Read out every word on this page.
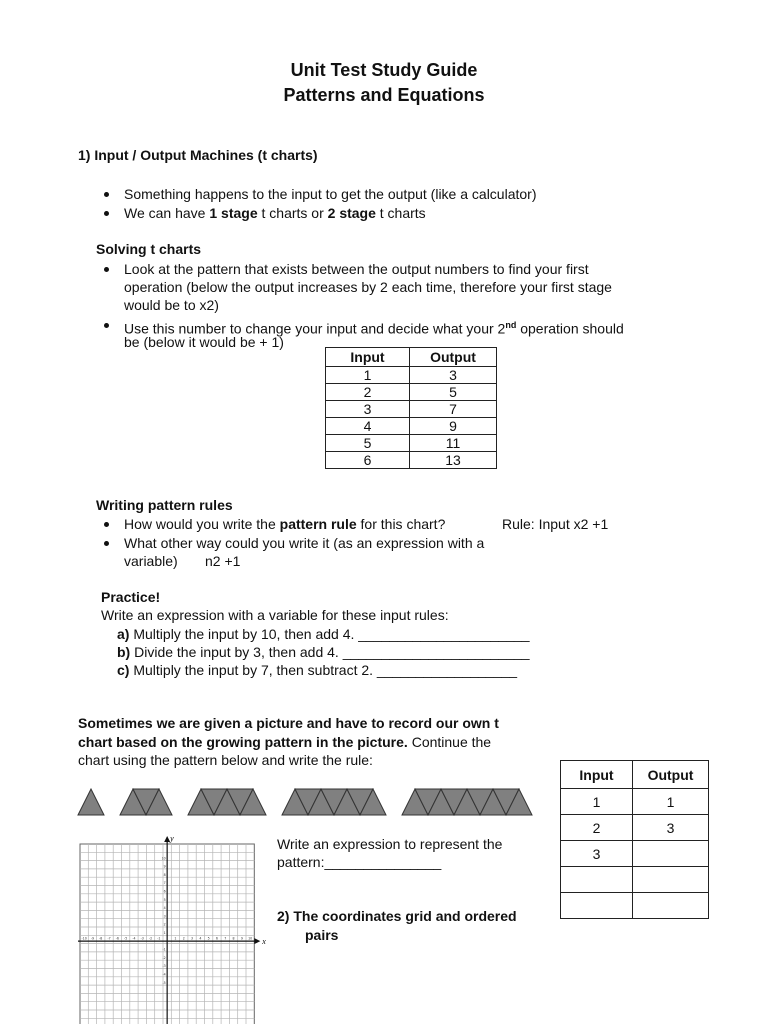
Unit Test Study Guide
Patterns and Equations
1) Input / Output Machines (t charts)
Something happens to the input to get the output (like a calculator)
We can have 1 stage t charts or 2 stage t charts
Solving t charts
Look at the pattern that exists between the output numbers to find your first
operation (below the output increases by 2 each time, therefore your first stage
would be to x2)
Use this number to change your input and decide what your 2nd operation should
be (below it would be + 1)
Input	Output
1	3
2	5
3	7
4	9
5	11
6	13
Writing pattern rules
How would you write the pattern rule for this chart?	Rule: Input x2 +1
What other way could you write it (as an expression with a
variable) n2 +1
Practice!
Write an expression with a variable for these input rules:
a) Multiply the input by 10, then add 4. ______________________
b) Divide the input by 3, then add 4. ________________________
c) Multiply the input by 7, then subtract 2. __________________
Sometimes we are given a picture and have to record our own t
chart based on the growing pattern in the picture. Continue the
chart using the pattern below and write the rule:
Input	Output
1	1
2	3
3	

Write an expression to represent the
pattern:_______________
2) The coordinates grid and ordered
pairs
x
y
-10 -9 -8 -7 -6 -5 -4 -3 -2 -1	1 2 3 4 5 6 7 8 9 10
10
9
8
7
6
5
4
3
2
1
-1
-2
-3
-4
-5
